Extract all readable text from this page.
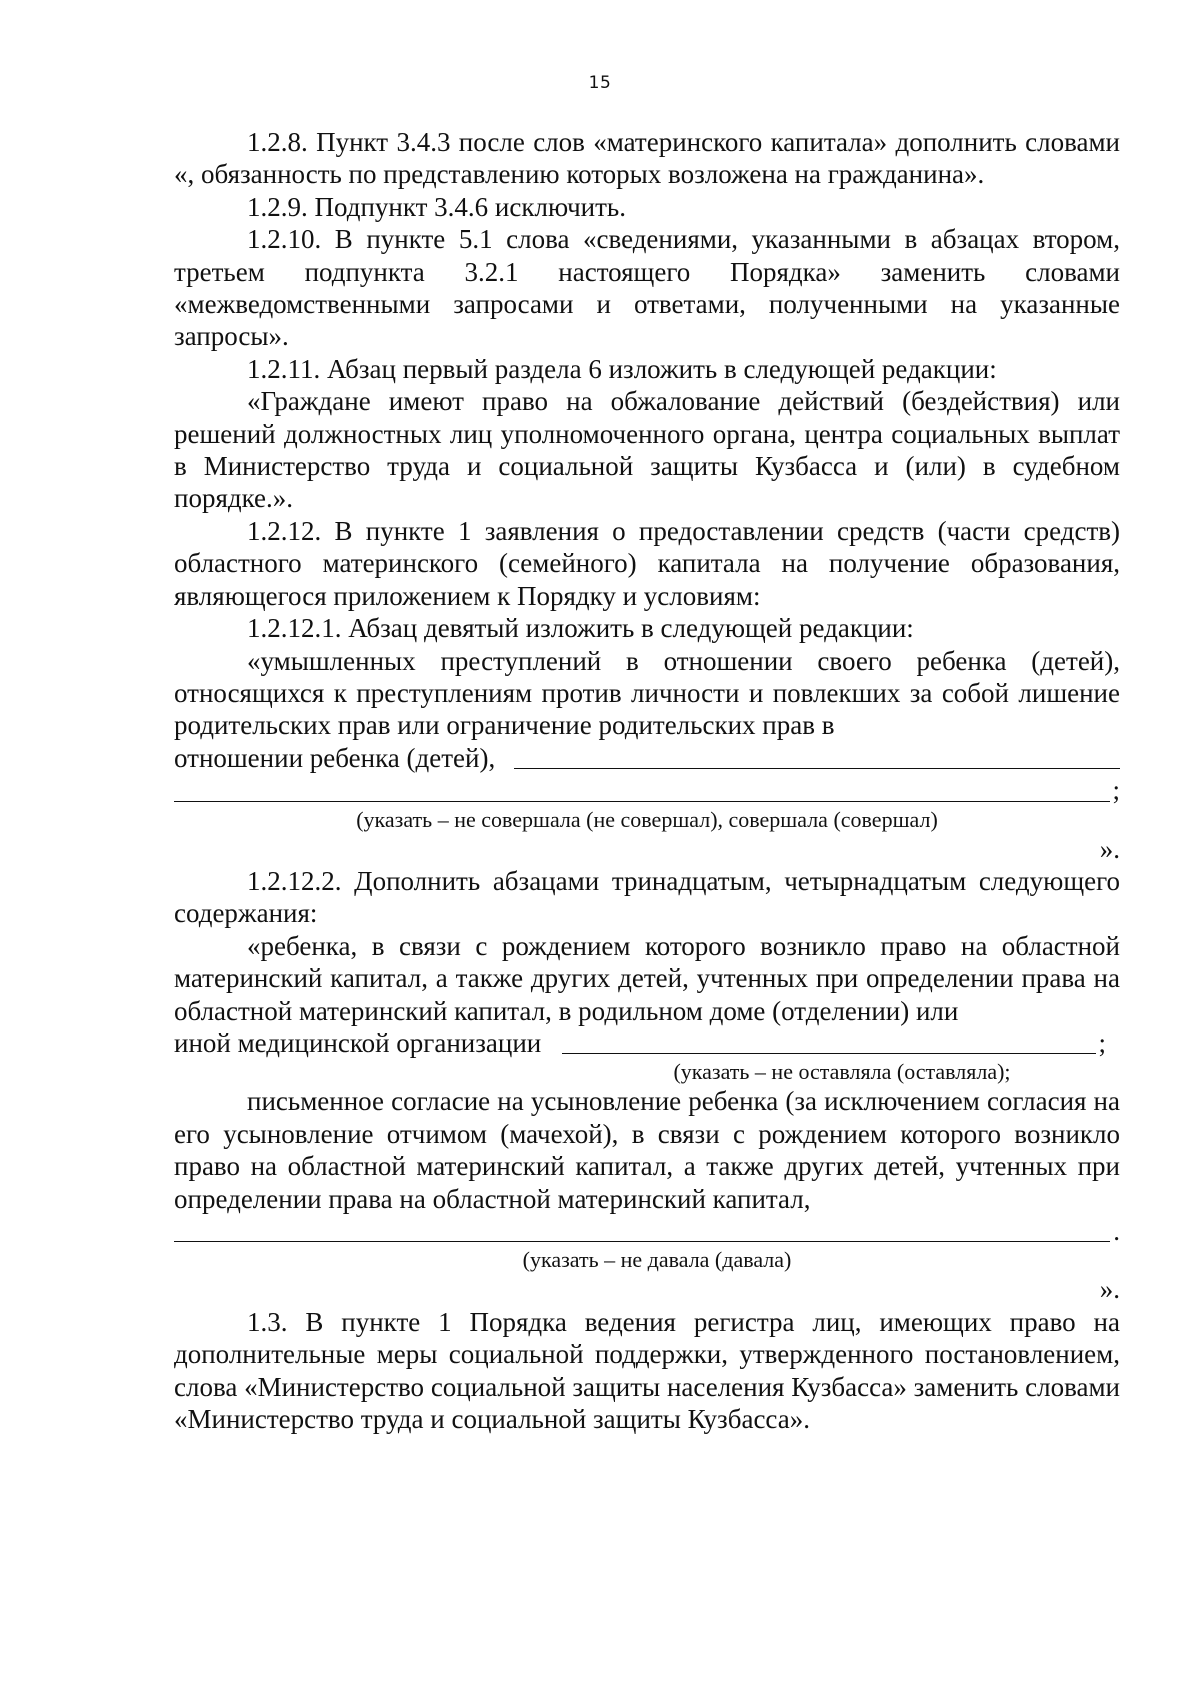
15

1.2.8. Пункт 3.4.3 после слов «материнского капитала» дополнить словами «, обязанность по представлению которых возложена на гражданина».

1.2.9. Подпункт 3.4.6 исключить.

1.2.10. В пункте 5.1 слова «сведениями, указанными в абзацах втором, третьем подпункта 3.2.1 настоящего Порядка» заменить словами «межведомственными запросами и ответами, полученными на указанные запросы».

1.2.11. Абзац первый раздела 6 изложить в следующей редакции:

«Граждане имеют право на обжалование действий (бездействия) или решений должностных лиц уполномоченного органа, центра социальных выплат в Министерство труда и социальной защиты Кузбасса и (или) в судебном порядке.».

1.2.12. В пункте 1 заявления о предоставлении средств (части средств) областного материнского (семейного) капитала на получение образования, являющегося приложением к Порядку и условиям:

1.2.12.1. Абзац девятый изложить в следующей редакции:

«умышленных преступлений в отношении своего ребенка (детей), относящихся к преступлениям против личности и повлекших за собой лишение родительских прав или ограничение родительских прав в

отношении ребенка (детей),
;
(указать – не совершала (не совершал), совершала (совершал)
».

1.2.12.2. Дополнить абзацами тринадцатым, четырнадцатым следующего содержания:

«ребенка, в связи с рождением которого возникло право на областной материнский капитал, а также других детей, учтенных при определении права на областной материнский капитал, в родильном доме (отделении) или

иной медицинской организации	;
(указать – не оставляла (оставляла);

письменное согласие на усыновление ребенка (за исключением согласия на его усыновление отчимом (мачехой), в связи с рождением которого возникло право на областной материнский капитал, а также других детей, учтенных при определении права на областной материнский капитал,

.
(указать – не давала (давала)
».

1.3. В пункте 1 Порядка ведения регистра лиц, имеющих право на дополнительные меры социальной поддержки, утвержденного постановлением, слова «Министерство социальной защиты населения Кузбасса» заменить словами «Министерство труда и социальной защиты Кузбасса».
